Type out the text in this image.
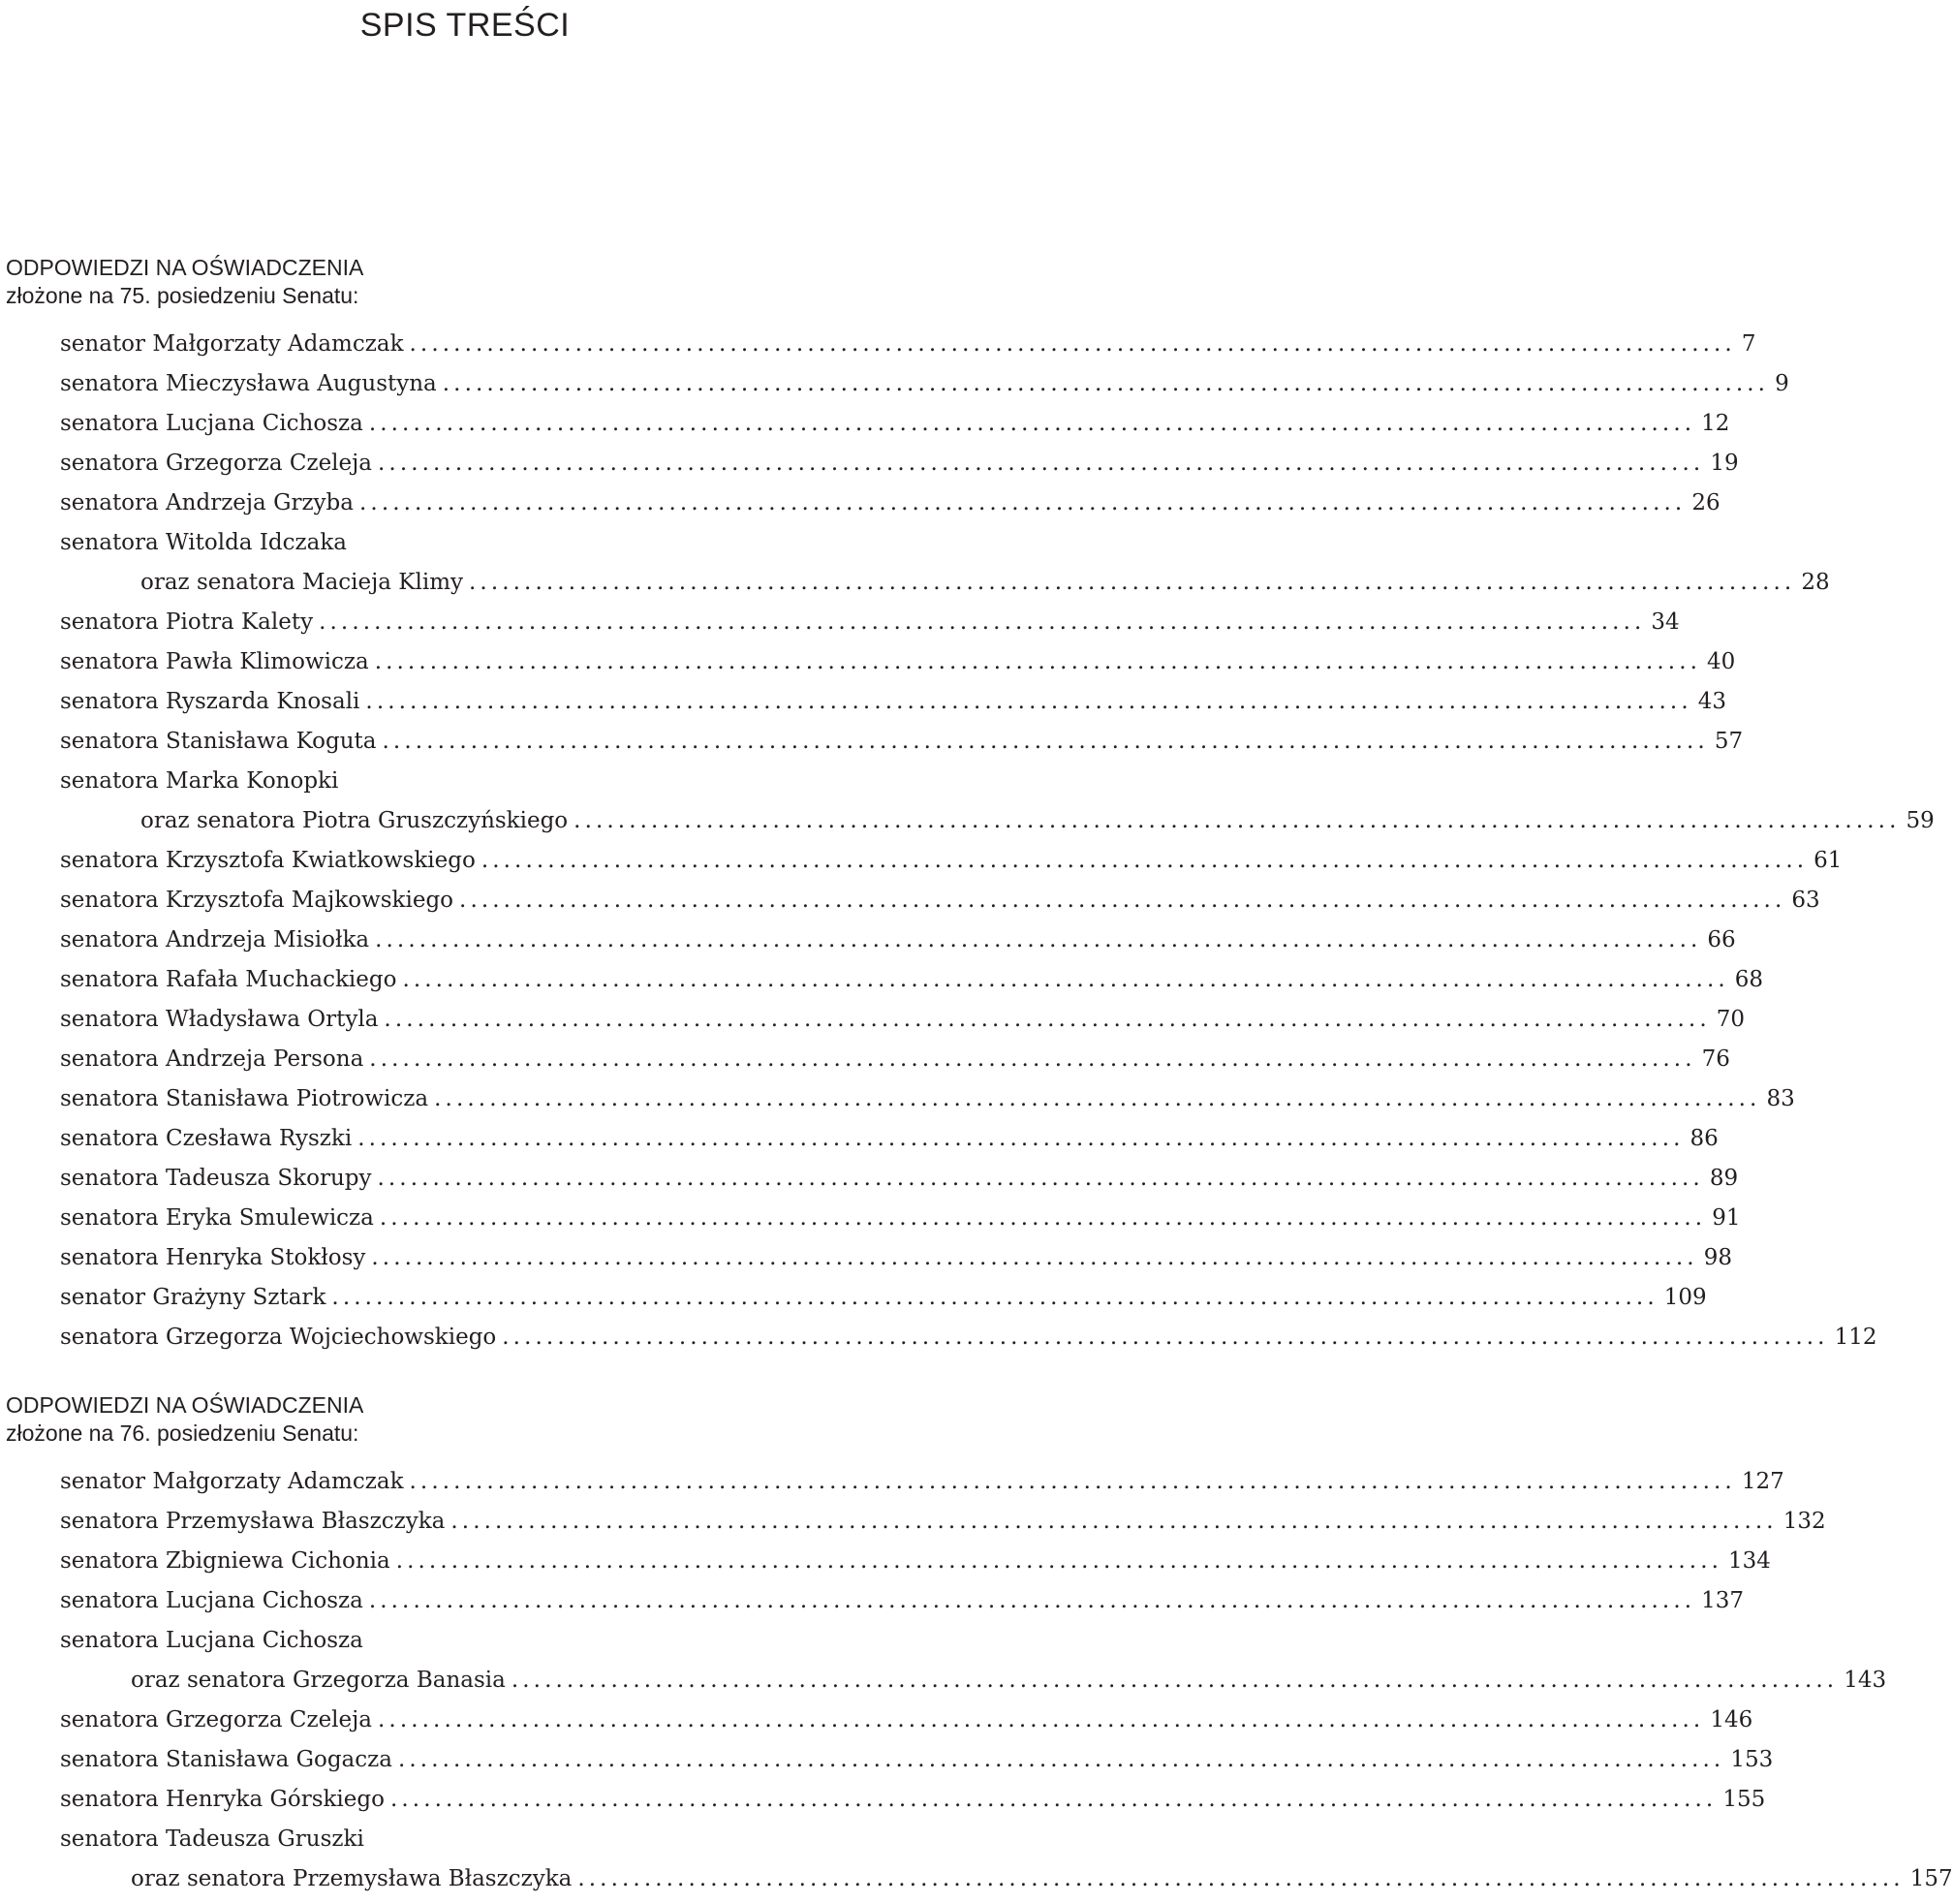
SPIS TREŚCI
ODPOWIEDZI NA OŚWIADCZENIA
złożone na 75. posiedzeniu Senatu:
senator Małgorzaty Adamczak ........................................................................................................................ 7
senatora Mieczysława Augustyna ........................................................................................................................ 9
senatora Lucjana Cichosza ........................................................................................................................ 12
senatora Grzegorza Czeleja ........................................................................................................................ 19
senatora Andrzeja Grzyba ........................................................................................................................ 26
senatora Witolda Idczaka
oraz senatora Macieja Klimy ........................................................................................................................ 28
senatora Piotra Kalety ........................................................................................................................ 34
senatora Pawła Klimowicza ........................................................................................................................ 40
senatora Ryszarda Knosali ........................................................................................................................ 43
senatora Stanisława Koguta ........................................................................................................................ 57
senatora Marka Konopki
oraz senatora Piotra Gruszczyńskiego ........................................................................................................................ 59
senatora Krzysztofa Kwiatkowskiego ........................................................................................................................ 61
senatora Krzysztofa Majkowskiego ........................................................................................................................ 63
senatora Andrzeja Misiołka ........................................................................................................................ 66
senatora Rafała Muchackiego ........................................................................................................................ 68
senatora Władysława Ortyla ........................................................................................................................ 70
senatora Andrzeja Persona ........................................................................................................................ 76
senatora Stanisława Piotrowicza ........................................................................................................................ 83
senatora Czesława Ryszki ........................................................................................................................ 86
senatora Tadeusza Skorupy ........................................................................................................................ 89
senatora Eryka Smulewicza ........................................................................................................................ 91
senatora Henryka Stokłosy ........................................................................................................................ 98
senator Grażyny Sztark ........................................................................................................................ 109
senatora Grzegorza Wojciechowskiego ........................................................................................................................ 112
ODPOWIEDZI NA OŚWIADCZENIA
złożone na 76. posiedzeniu Senatu:
senator Małgorzaty Adamczak ........................................................................................................................ 127
senatora Przemysława Błaszczyka ........................................................................................................................ 132
senatora Zbigniewa Cichonia ........................................................................................................................ 134
senatora Lucjana Cichosza ........................................................................................................................ 137
senatora Lucjana Cichosza
oraz senatora Grzegorza Banasia ........................................................................................................................ 143
senatora Grzegorza Czeleja ........................................................................................................................ 146
senatora Stanisława Gogacza ........................................................................................................................ 153
senatora Henryka Górskiego ........................................................................................................................ 155
senatora Tadeusza Gruszki
oraz senatora Przemysława Błaszczyka ........................................................................................................................ 157
